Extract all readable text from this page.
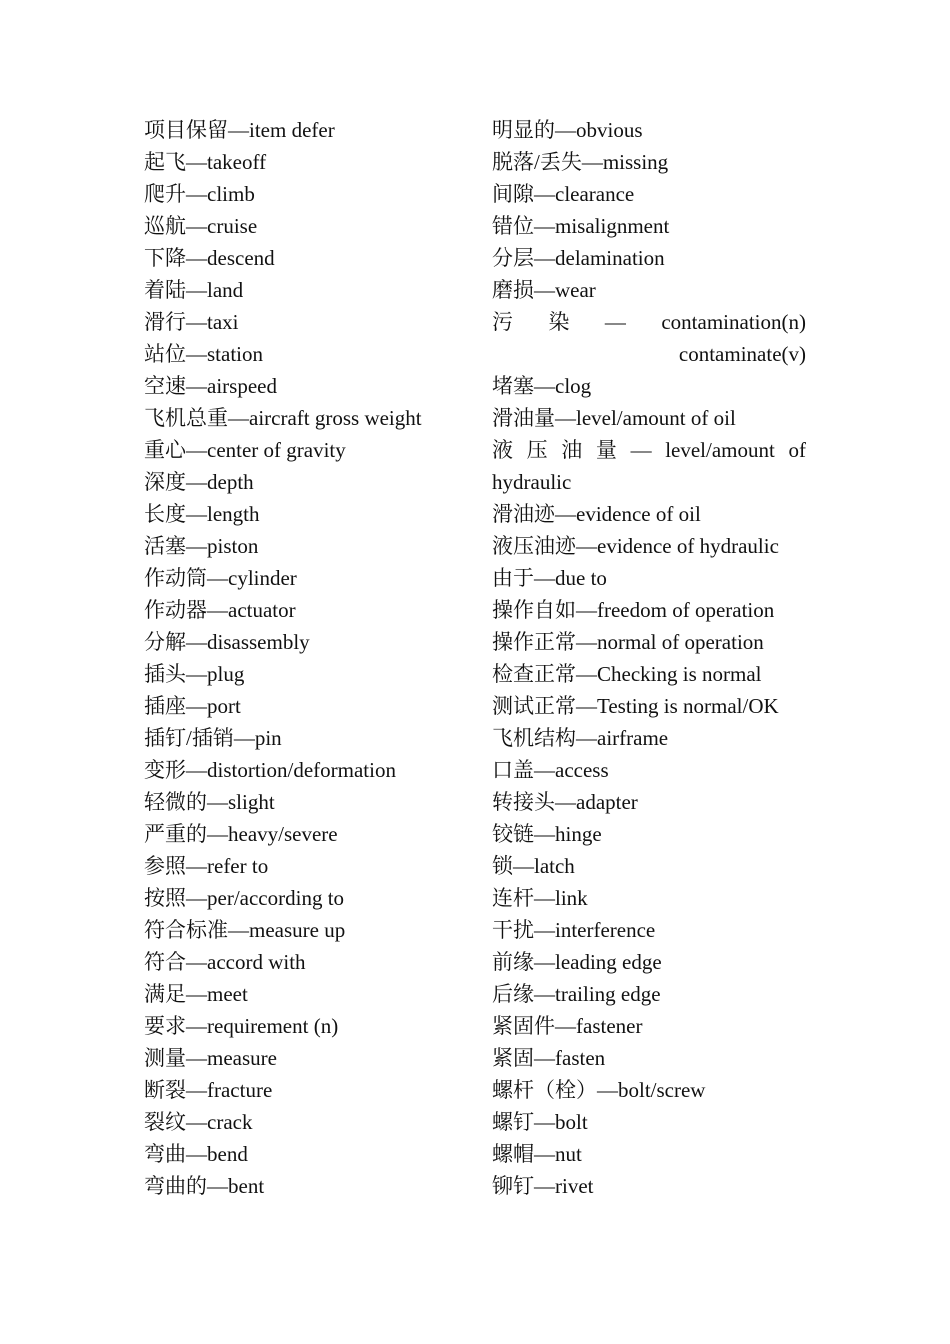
项目保留—item defer
起飞—takeoff
爬升—climb
巡航—cruise
下降—descend
着陆—land
滑行—taxi
站位—station
空速—airspeed
飞机总重—aircraft gross weight
重心—center of gravity
深度—depth
长度—length
活塞—piston
作动筒—cylinder
作动器—actuator
分解—disassembly
插头—plug
插座—port
插钉/插销—pin
变形—distortion/deformation
轻微的—slight
严重的—heavy/severe
参照—refer to
按照—per/according to
符合标准—measure up
符合—accord with
满足—meet
要求—requirement (n)
测量—measure
断裂—fracture
裂纹—crack
弯曲—bend
弯曲的—bent
明显的—obvious
脱落/丢失—missing
间隙—clearance
错位—misalignment
分层—delamination
磨损—wear
污 染 — contamination(n)
contaminate(v)
堵塞—clog
滑油量—level/amount of oil
液 压 油 量 — level/amount of
hydraulic
滑油迹—evidence of oil
液压油迹—evidence of hydraulic
由于—due to
操作自如—freedom of operation
操作正常—normal of operation
检查正常—Checking is normal
测试正常—Testing is normal/OK
飞机结构—airframe
口盖—access
转接头—adapter
铰链—hinge
锁—latch
连杆—link
干扰—interference
前缘—leading edge
后缘—trailing edge
紧固件—fastener
紧固—fasten
螺杆（栓）—bolt/screw
螺钉—bolt
螺帽—nut
铆钉—rivet
